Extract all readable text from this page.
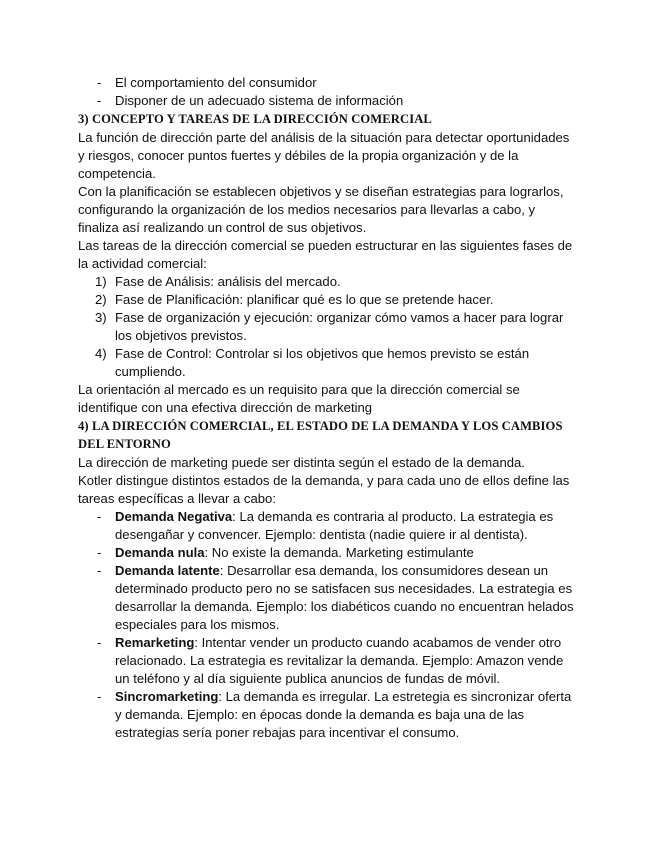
- El comportamiento del consumidor
- Disponer de un adecuado sistema de información

3) CONCEPTO Y TAREAS DE LA DIRECCIÓN COMERCIAL

La función de dirección parte del análisis de la situación para detectar oportunidades y riesgos, conocer puntos fuertes y débiles de la propia organización y de la competencia.

Con la planificación se establecen objetivos y se diseñan estrategias para lograrlos, configurando la organización de los medios necesarios para llevarlas a cabo, y finaliza así realizando un control de sus objetivos.

Las tareas de la dirección comercial se pueden estructurar en las siguientes fases de la actividad comercial:

1) Fase de Análisis: análisis del mercado.
2) Fase de Planificación: planificar qué es lo que se pretende hacer.
3) Fase de organización y ejecución: organizar cómo vamos a hacer para lograr los objetivos previstos.
4) Fase de Control: Controlar si los objetivos que hemos previsto se están cumpliendo.

La orientación al mercado es un requisito para que la dirección comercial se identifique con una efectiva dirección de marketing

4) LA DIRECCIÓN COMERCIAL, EL ESTADO DE LA DEMANDA Y LOS CAMBIOS
DEL ENTORNO

La dirección de marketing puede ser distinta según el estado de la demanda.

Kotler distingue distintos estados de la demanda, y para cada uno de ellos define las tareas específicas a llevar a cabo:

- Demanda Negativa: La demanda es contraria al producto. La estrategia es desengañar y convencer. Ejemplo: dentista (nadie quiere ir al dentista).
- Demanda nula: No existe la demanda. Marketing estimulante
- Demanda latente: Desarrollar esa demanda, los consumidores desean un determinado producto pero no se satisfacen sus necesidades. La estrategia es desarrollar la demanda. Ejemplo: los diabéticos cuando no encuentran helados especiales para los mismos.
- Remarketing: Intentar vender un producto cuando acabamos de vender otro relacionado. La estrategia es revitalizar la demanda. Ejemplo: Amazon vende un teléfono y al día siguiente publica anuncios de fundas de móvil.
- Sincromarketing: La demanda es irregular. La estretegia es sincronizar oferta y demanda. Ejemplo: en épocas donde la demanda es baja una de las estrategias sería poner rebajas para incentivar el consumo.
